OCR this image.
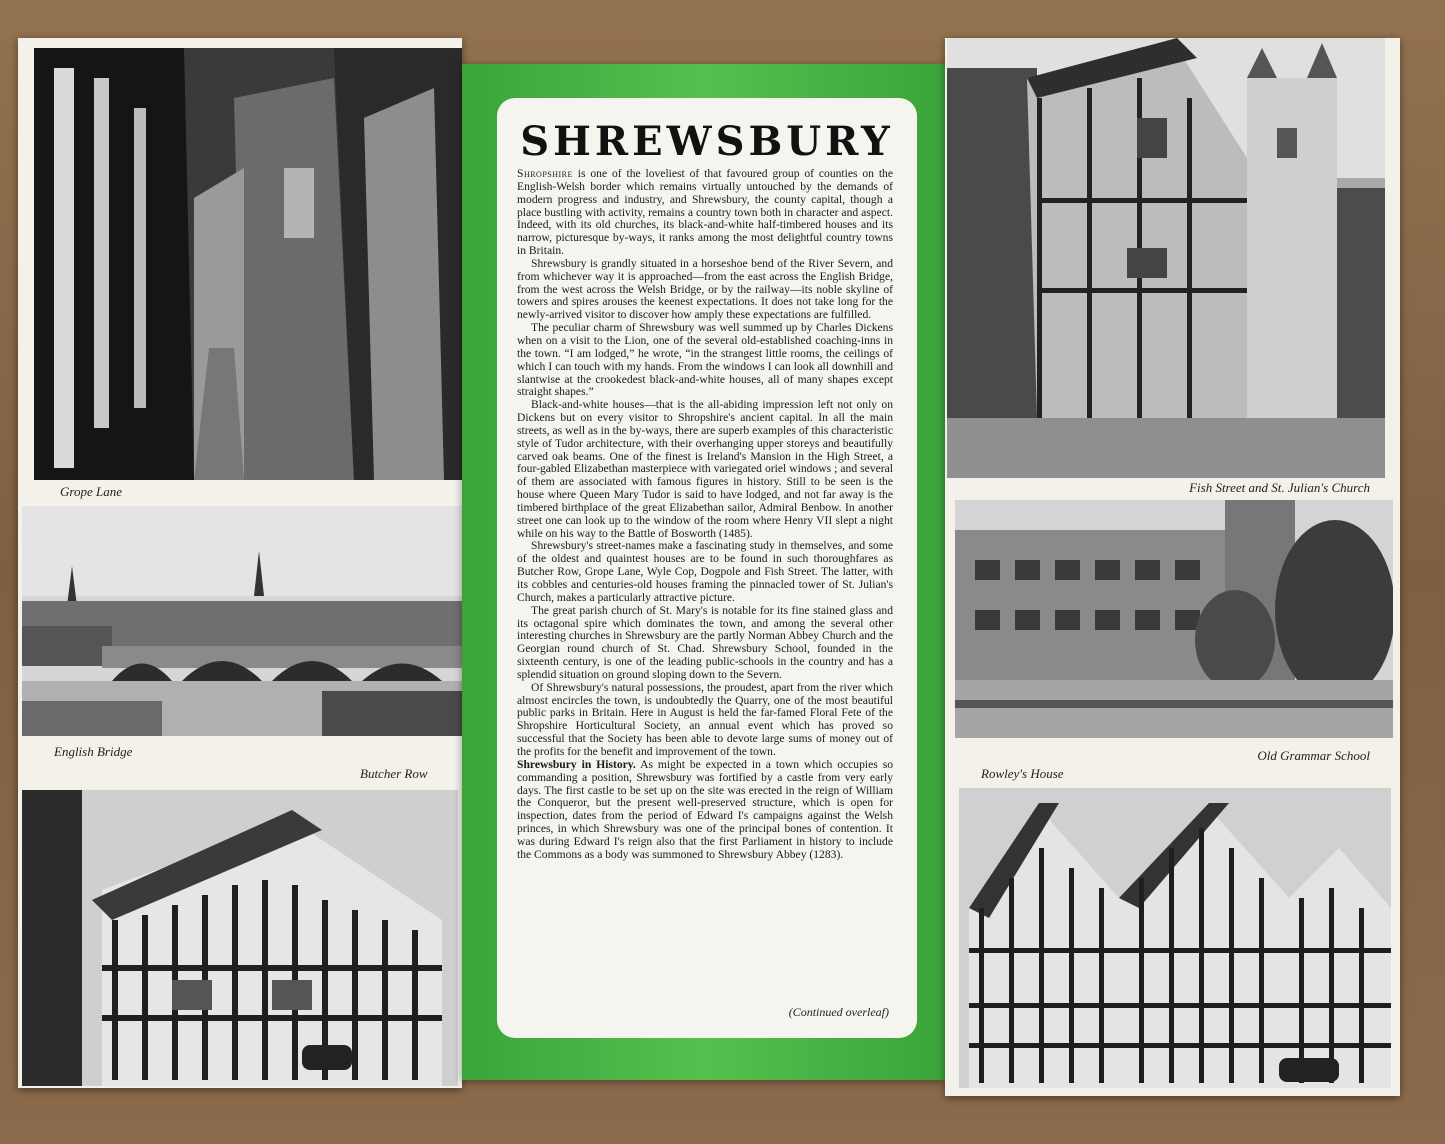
Grope Lane
English Bridge
Butcher Row
SHREWSBURY

Shropshire is one of the loveliest of that favoured group of counties on the English-Welsh border which remains virtually untouched by the demands of modern progress and industry, and Shrewsbury, the county capital, though a place bustling with activity, remains a country town both in character and aspect. Indeed, with its old churches, its black-and-white half-timbered houses and its narrow, picturesque by-ways, it ranks among the most delightful country towns in Britain.

Shrewsbury is grandly situated in a horseshoe bend of the River Severn, and from whichever way it is approached—from the east across the English Bridge, from the west across the Welsh Bridge, or by the railway—its noble skyline of towers and spires arouses the keenest expectations. It does not take long for the newly-arrived visitor to discover how amply these expectations are fulfilled.

The peculiar charm of Shrewsbury was well summed up by Charles Dickens when on a visit to the Lion, one of the several old-established coaching-inns in the town. “I am lodged,” he wrote, “in the strangest little rooms, the ceilings of which I can touch with my hands. From the windows I can look all downhill and slantwise at the crookedest black-and-white houses, all of many shapes except straight shapes.”

Black-and-white houses—that is the all-abiding impression left not only on Dickens but on every visitor to Shropshire's ancient capital. In all the main streets, as well as in the by-ways, there are superb examples of this characteristic style of Tudor architecture, with their overhanging upper storeys and beautifully carved oak beams. One of the finest is Ireland's Mansion in the High Street, a four-gabled Elizabethan masterpiece with variegated oriel windows ; and several of them are associated with famous figures in history. Still to be seen is the house where Queen Mary Tudor is said to have lodged, and not far away is the timbered birthplace of the great Elizabethan sailor, Admiral Benbow. In another street one can look up to the window of the room where Henry VII slept a night while on his way to the Battle of Bosworth (1485).

Shrewsbury's street-names make a fascinating study in themselves, and some of the oldest and quaintest houses are to be found in such thoroughfares as Butcher Row, Grope Lane, Wyle Cop, Dogpole and Fish Street. The latter, with its cobbles and centuries-old houses framing the pinnacled tower of St. Julian's Church, makes a particularly attractive picture.

The great parish church of St. Mary's is notable for its fine stained glass and its octagonal spire which dominates the town, and among the several other interesting churches in Shrewsbury are the partly Norman Abbey Church and the Georgian round church of St. Chad. Shrewsbury School, founded in the sixteenth century, is one of the leading public-schools in the country and has a splendid situation on ground sloping down to the Severn.

Of Shrewsbury's natural possessions, the proudest, apart from the river which almost encircles the town, is undoubtedly the Quarry, one of the most beautiful public parks in Britain. Here in August is held the far-famed Floral Fete of the Shropshire Horticultural Society, an annual event which has proved so successful that the Society has been able to devote large sums of money out of the profits for the benefit and improvement of the town.

Shrewsbury in History. As might be expected in a town which occupies so commanding a position, Shrewsbury was fortified by a castle from very early days. The first castle to be set up on the site was erected in the reign of William the Conqueror, but the present well-preserved structure, which is open for inspection, dates from the period of Edward I's campaigns against the Welsh princes, in which Shrewsbury was one of the principal bones of contention. It was during Edward I's reign also that the first Parliament in history to include the Commons as a body was summoned to Shrewsbury Abbey (1283).

(Continued overleaf)
Fish Street and St. Julian's Church
Rowley's House
Old Grammar School
